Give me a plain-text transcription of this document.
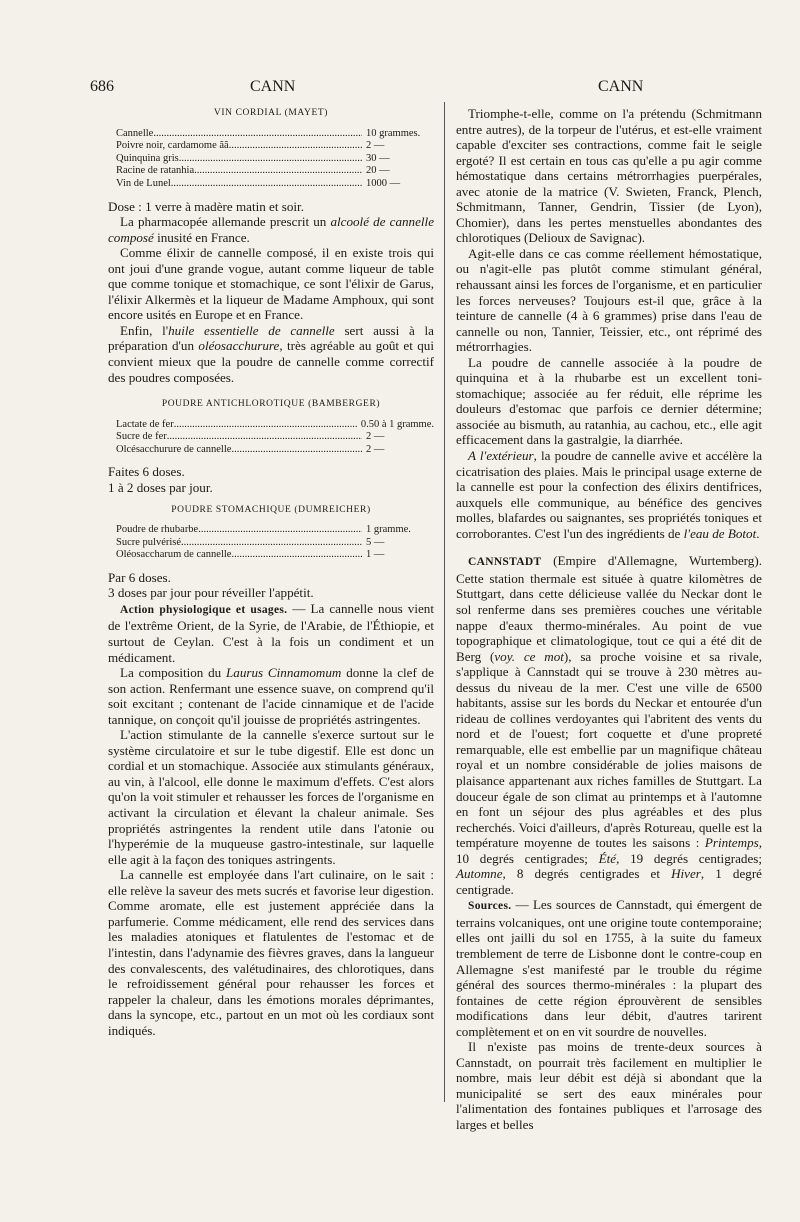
686	CANN	CANN
VIN CORDIAL (MAYET)
Cannelle .....	10 grammes.
Poivre noir, cardamome ãã .....	2 —
Quinquina gris .....	30 —
Racine de ratanhia .....	20 —
Vin de Lunel .....	1000 —

Dose : 1 verre à madère matin et soir.

La pharmacopée allemande prescrit un alcoolé de cannelle composé inusité en France.

Comme élixir de cannelle composé, il en existe trois qui ont joui d'une grande vogue, autant comme liqueur de table que comme tonique et stomachique, ce sont l'élixir de Garus, l'élixir Alkermès et la liqueur de Madame Amphoux, qui sont encore usités en Europe et en France.

Enfin, l'huile essentielle de cannelle sert aussi à la préparation d'un oléosacchurure, très agréable au goût et qui convient mieux que la poudre de cannelle comme correctif des poudres composées.

POUDRE ANTICHLOROTIQUE (BAMBERGER)
Lactate de fer .....	0.50 à 1 gramme.
Sucre de fer .....	2 —
Olcésacchurure de cannelle .....	2 —

Faites 6 doses.

1 à 2 doses par jour.

POUDRE STOMACHIQUE (DUMREICHER)
Poudre de rhubarbe .....	1 gramme.
Sucre pulvérisé .....	5 —
Oléosaccharum de cannelle .....	1 —

Par 6 doses.

3 doses par jour pour réveiller l'appétit.

Action physiologique et usages. — La cannelle nous vient de l'extrême Orient, de la Syrie, de l'Arabie, de l'Éthiopie, et surtout de Ceylan. C'est à la fois un condiment et un médicament.

La composition du Laurus Cinnamomum donne la clef de son action. Renfermant une essence suave, on comprend qu'il soit excitant ; contenant de l'acide cinnamique et de l'acide tannique, on conçoit qu'il jouisse de propriétés astringentes.

L'action stimulante de la cannelle s'exerce surtout sur le système circulatoire et sur le tube digestif. Elle est donc un cordial et un stomachique. Associée aux stimulants généraux, au vin, à l'alcool, elle donne le maximum d'effets. C'est alors qu'on la voit stimuler et rehausser les forces de l'organisme en activant la circulation et élevant la chaleur animale. Ses propriétés astringentes la rendent utile dans l'atonie ou l'hyperémie de la muqueuse gastro-intestinale, sur laquelle elle agit à la façon des toniques astringents.

La cannelle est employée dans l'art culinaire, on le sait : elle relève la saveur des mets sucrés et favorise leur digestion. Comme aromate, elle est justement appréciée dans la parfumerie. Comme médicament, elle rend des services dans les maladies atoniques et flatulentes de l'estomac et de l'intestin, dans l'adynamie des fièvres graves, dans la langueur des convalescents, des valétudinaires, des chlorotiques, dans le refroidissement général pour rehausser les forces et rappeler la chaleur, dans les émotions morales déprimantes, dans la syncope, etc., partout en un mot où les cordiaux sont indiqués.

Triomphe-t-elle, comme on l'a prétendu (Schmitmann entre autres), de la torpeur de l'utérus, et est-elle vraiment capable d'exciter ses contractions, comme fait le seigle ergoté? Il est certain en tous cas qu'elle a pu agir comme hémostatique dans certains métrorrhagies puerpérales, avec atonie de la matrice (V. Swieten, Franck, Plench, Schmitmann, Tanner, Gendrin, Tissier (de Lyon), Chomier), dans les pertes menstuelles abondantes des chlorotiques (Delioux de Savignac).

Agit-elle dans ce cas comme réellement hémostatique, ou n'agit-elle pas plutôt comme stimulant général, rehaussant ainsi les forces de l'organisme, et en particulier les forces nerveuses? Toujours est-il que, grâce à la teinture de cannelle (4 à 6 grammes) prise dans l'eau de cannelle ou non, Tannier, Teissier, etc., ont réprimé des métrorrhagies.

La poudre de cannelle associée à la poudre de quinquina et à la rhubarbe est un excellent toni-stomachique; associée au fer réduit, elle réprime les douleurs d'estomac que parfois ce dernier détermine; associée au bismuth, au ratanhia, au cachou, etc., elle agit efficacement dans la gastralgie, la diarrhée.

A l'extérieur, la poudre de cannelle avive et accélère la cicatrisation des plaies. Mais le principal usage externe de la cannelle est pour la confection des élixirs dentifrices, auxquels elle communique, au bénéfice des gencives molles, blafardes ou saignantes, ses propriétés toniques et corroborantes. C'est l'un des ingrédients de l'eau de Botot.

CANNSTADT (Empire d'Allemagne, Wurtemberg). Cette station thermale est située à quatre kilomètres de Stuttgart, dans cette délicieuse vallée du Neckar dont le sol renferme dans ses premières couches une véritable nappe d'eaux thermo-minérales. Au point de vue topographique et climatologique, tout ce qui a été dit de Berg (voy. ce mot), sa proche voisine et sa rivale, s'applique à Cannstadt qui se trouve à 230 mètres au-dessus du niveau de la mer. C'est une ville de 6500 habitants, assise sur les bords du Neckar et entourée d'un rideau de collines verdoyantes qui l'abritent des vents du nord et de l'ouest; fort coquette et d'une propreté remarquable, elle est embellie par un magnifique château royal et un nombre considérable de jolies maisons de plaisance appartenant aux riches familles de Stuttgart. La douceur égale de son climat au printemps et à l'automne en font un séjour des plus agréables et des plus recherchés. Voici d'ailleurs, d'après Rotureau, quelle est la température moyenne de toutes les saisons : Printemps, 10 degrés centigrades; Été, 19 degrés centigrades; Automne, 8 degrés centigrades et Hiver, 1 degré centigrade.

Sources. — Les sources de Cannstadt, qui émergent de terrains volcaniques, ont une origine toute contemporaine; elles ont jailli du sol en 1755, à la suite du fameux tremblement de terre de Lisbonne dont le contre-coup en Allemagne s'est manifesté par le trouble du régime général des sources thermo-minérales : la plupart des fontaines de cette région éprouvèrent de sensibles modifications dans leur débit, d'autres tarirent complètement et on en vit sourdre de nouvelles.

Il n'existe pas moins de trente-deux sources à Cannstadt, on pourrait très facilement en multiplier le nombre, mais leur débit est déjà si abondant que la municipalité se sert des eaux minérales pour l'alimentation des fontaines publiques et l'arrosage des larges et belles
